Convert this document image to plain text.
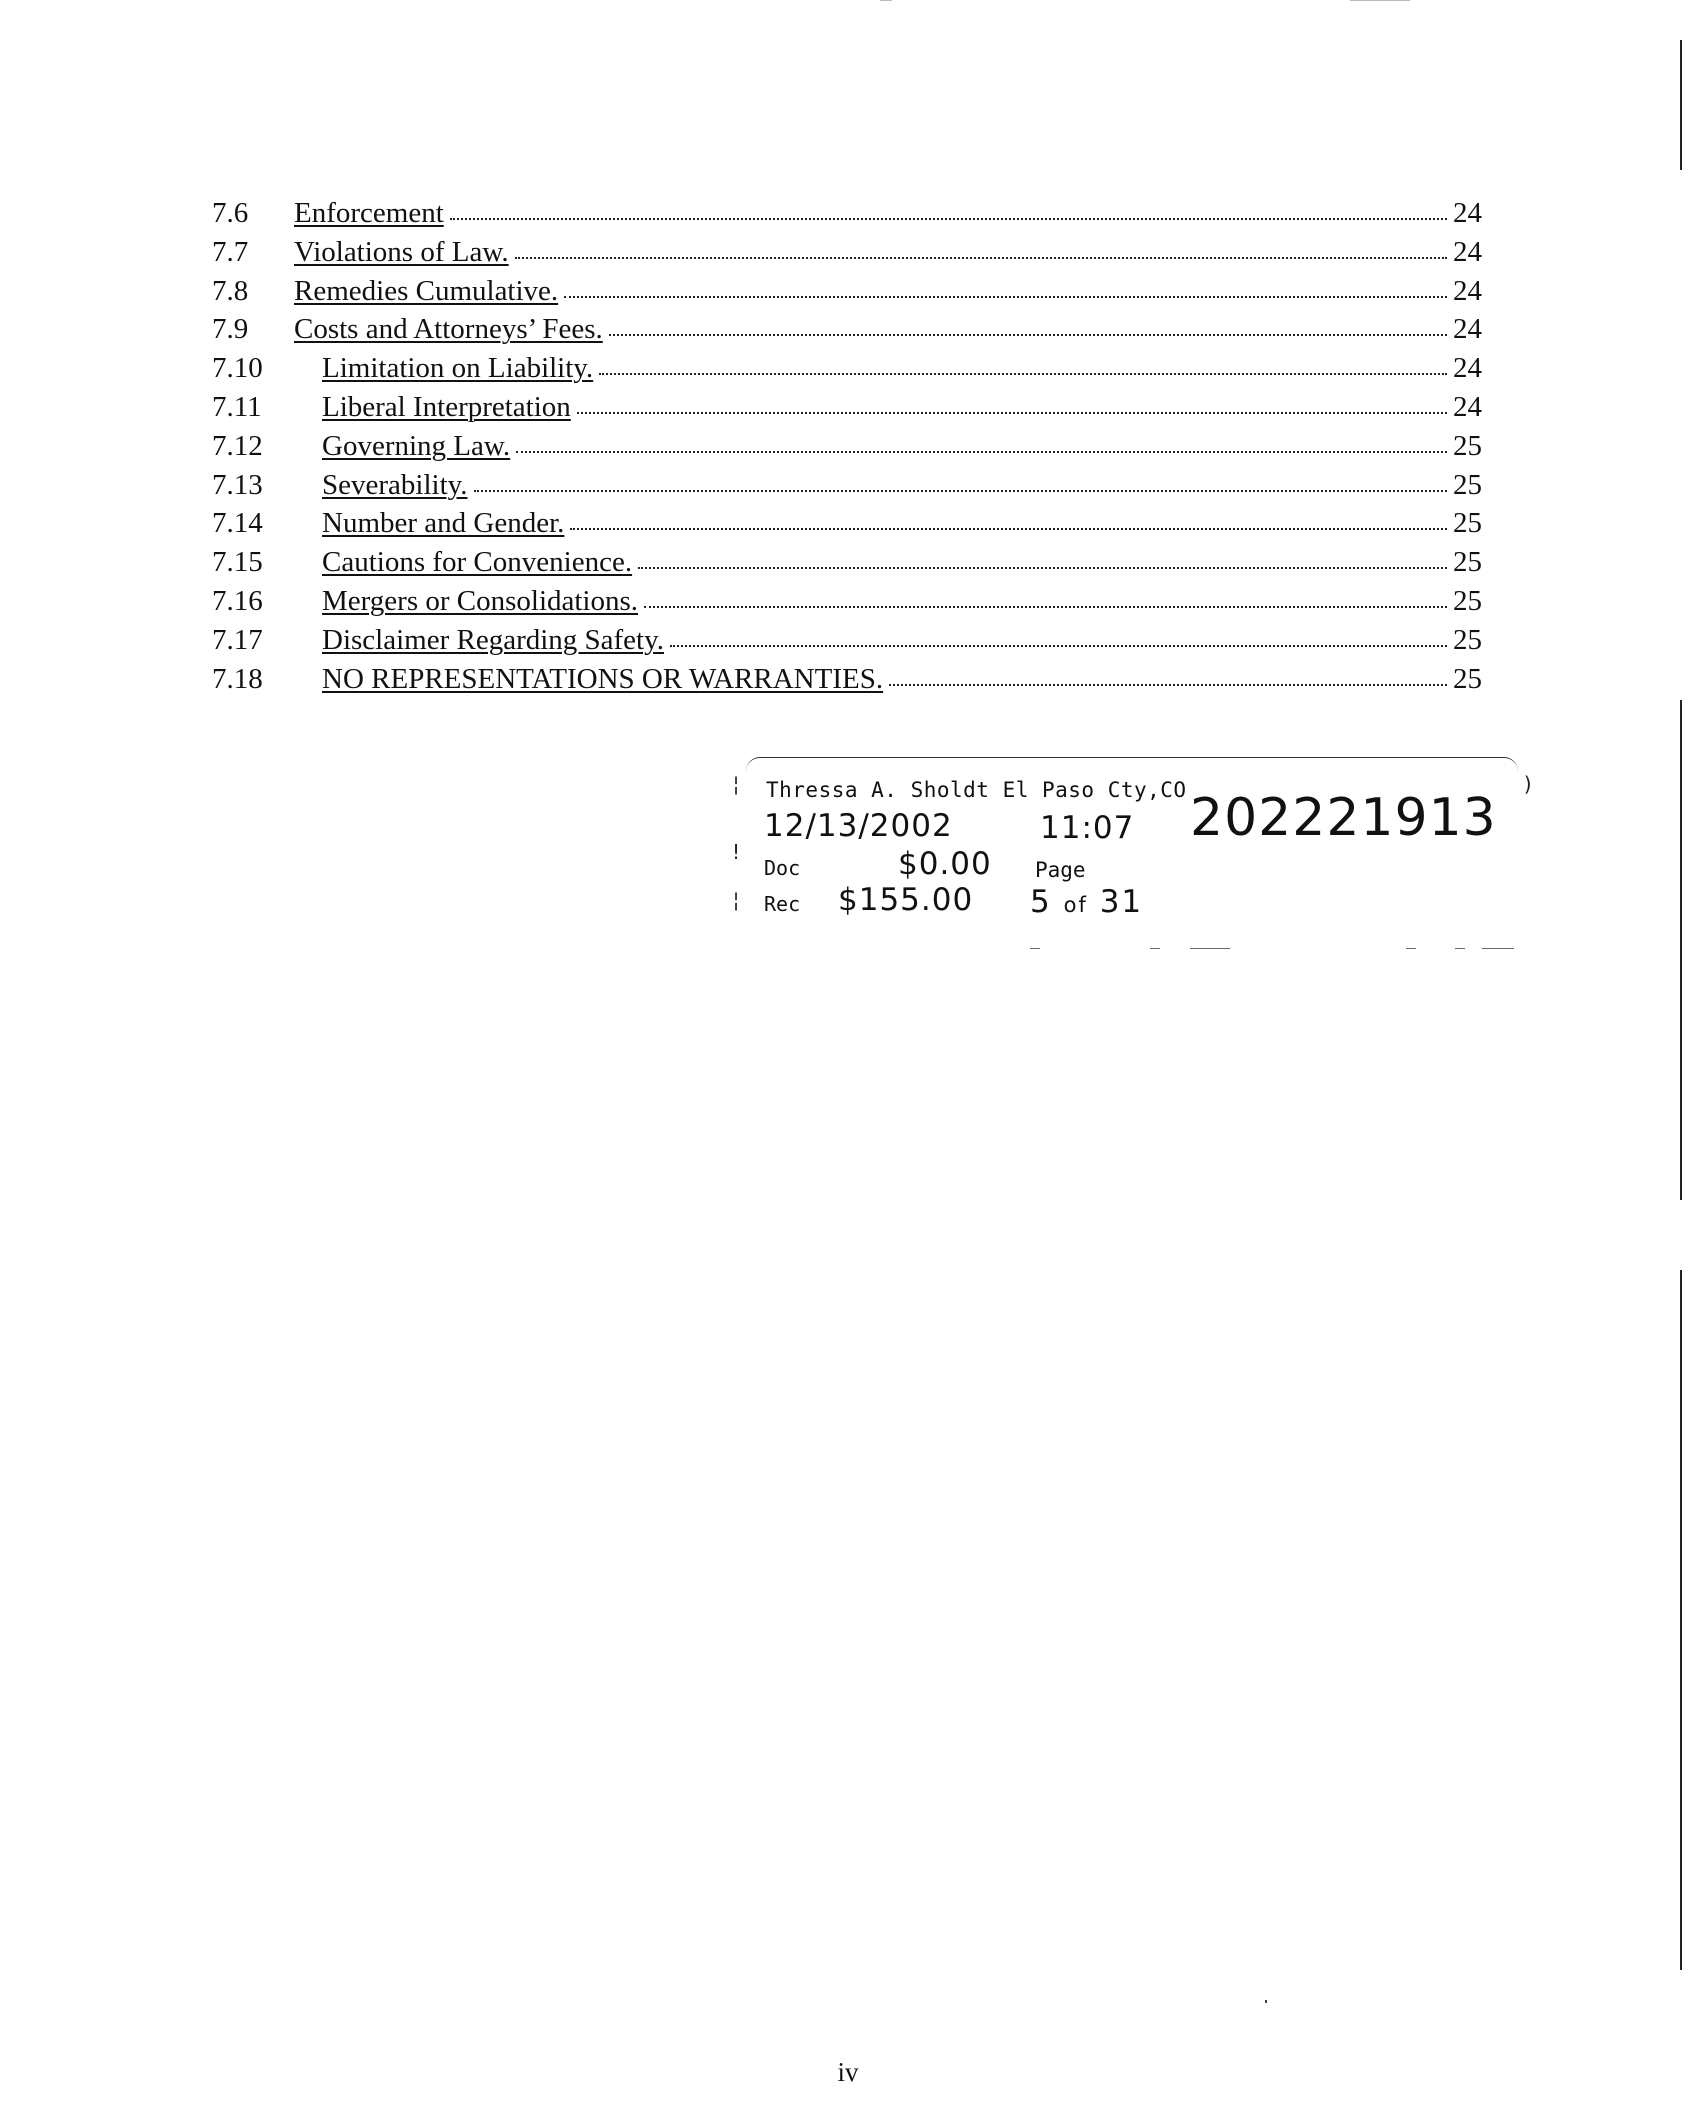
7.6	Enforcement	24
7.7	Violations of Law.	24
7.8	Remedies Cumulative.	24
7.9	Costs and Attorneys’ Fees.	24
7.10	Limitation on Liability.	24
7.11	Liberal Interpretation	24
7.12	Governing Law.	25
7.13	Severability.	25
7.14	Number and Gender.	25
7.15	Cautions for Convenience.	25
7.16	Mergers or Consolidations.	25
7.17	Disclaimer Regarding Safety.	25
7.18	NO REPRESENTATIONS OR WARRANTIES.	25
¦
!
¦
)
Thressa A. Sholdt El Paso Cty,CO
12/13/2002	11:07 202221913
Doc	$0.00 Page
Rec $155.00 5 of 31
iv
